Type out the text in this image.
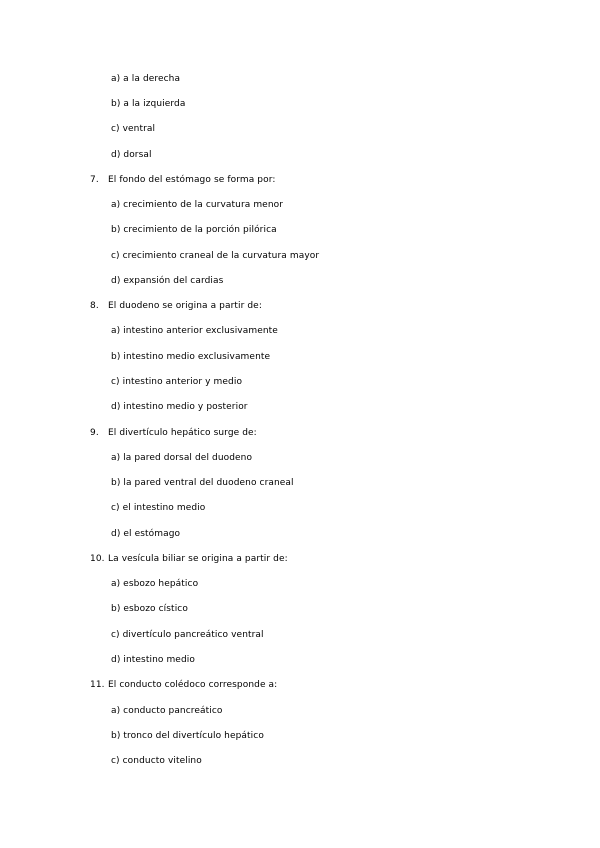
a) a la derecha
b) a la izquierda
c) ventral
d) dorsal
7. El fondo del estómago se forma por:
a) crecimiento de la curvatura menor
b) crecimiento de la porción pilórica
c) crecimiento craneal de la curvatura mayor
d) expansión del cardias
8. El duodeno se origina a partir de:
a) intestino anterior exclusivamente
b) intestino medio exclusivamente
c) intestino anterior y medio
d) intestino medio y posterior
9. El divertículo hepático surge de:
a) la pared dorsal del duodeno
b) la pared ventral del duodeno craneal
c) el intestino medio
d) el estómago
10. La vesícula biliar se origina a partir de:
a) esbozo hepático
b) esbozo cístico
c) divertículo pancreático ventral
d) intestino medio
11. El conducto colédoco corresponde a:
a) conducto pancreático
b) tronco del divertículo hepático
c) conducto vitelino
